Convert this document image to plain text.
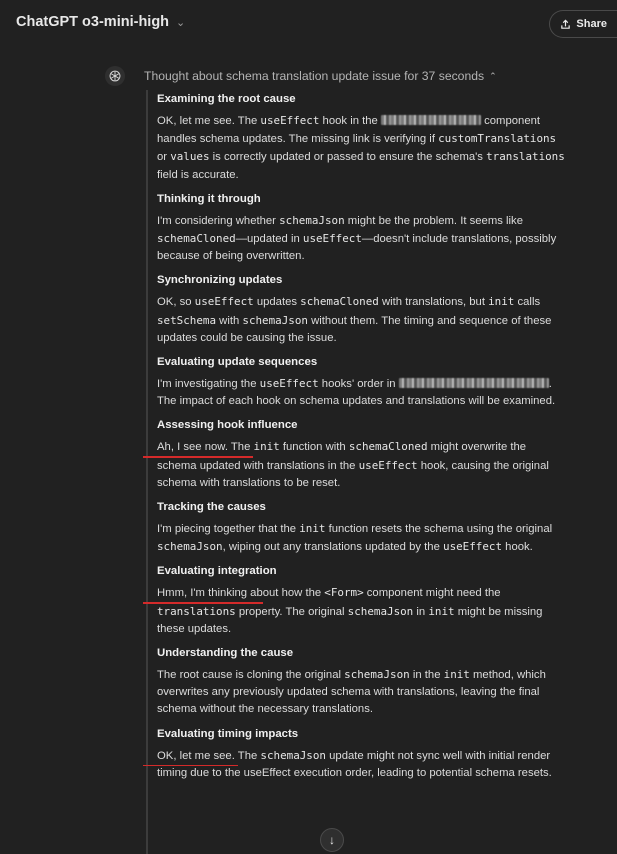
ChatGPT o3-mini-high ⌄	Share
Thought about schema translation update issue for 37 seconds ⌃
Examining the root cause

OK, let me see. The useEffect hook in the	component handles schema updates. The missing link is verifying if customTranslations or values is correctly updated or passed to ensure the schema's translations field is accurate.

Thinking it through

I'm considering whether schemaJson might be the problem. It seems like schemaCloned—updated in useEffect—doesn't include translations, possibly because of being overwritten.

Synchronizing updates

OK, so useEffect updates schemaCloned with translations, but init calls setSchema with schemaJson without them. The timing and sequence of these updates could be causing the issue.

Evaluating update sequences

I'm investigating the useEffect hooks' order in	. The impact of each hook on schema updates and translations will be examined.

Assessing hook influence

Ah, I see now. The init function with schemaCloned might overwrite the schema updated with translations in the useEffect hook, causing the original schema with translations to be reset.

Tracking the causes

I'm piecing together that the init function resets the schema using the original schemaJson, wiping out any translations updated by the useEffect hook.

Evaluating integration

Hmm, I'm thinking about how the <Form> component might need the translations property. The original schemaJson in init might be missing these updates.

Understanding the cause

The root cause is cloning the original schemaJson in the init method, which overwrites any previously updated schema with translations, leaving the final schema without the necessary translations.

Evaluating timing impacts

OK, let me see. The schemaJson update might not sync well with initial render timing due to the useEffect execution order, leading to potential schema resets.

↓
